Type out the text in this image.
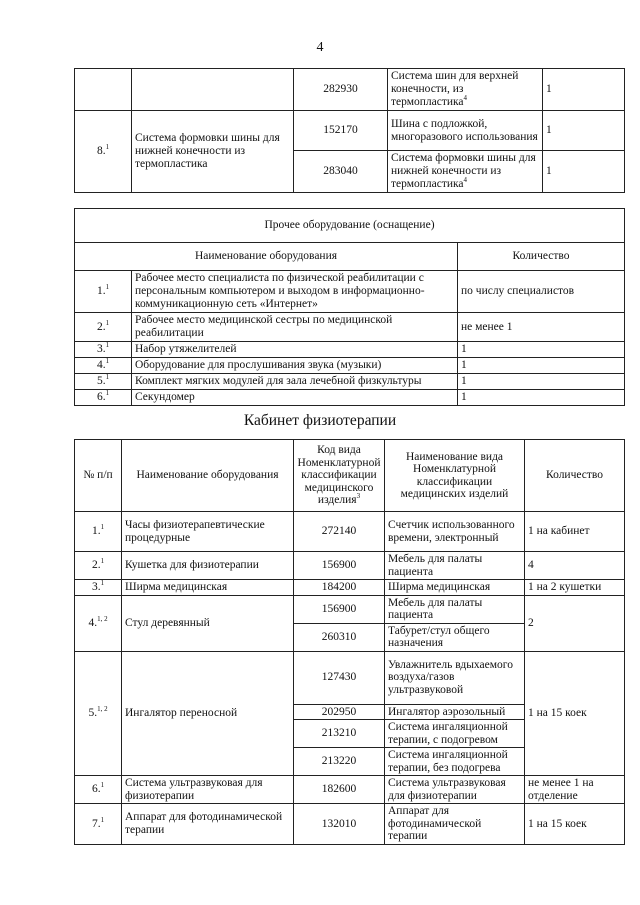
4
		282930	Система шин для верхней конечности, из термопластика$^4$	1
8.$^1$	Система формовки шины для нижней конечности из термопластика	152170	Шина с подложкой, многоразового использования	1
		283040	Система формовки шины для нижней конечности из термопластика$^4$	1
Прочее оборудование (оснащение)		
Наименование оборудования		Количество
1.$^1$	Рабочее место специалиста по физической реабилитации с персональным компьютером и выходом в информационно-коммуникационную сеть «Интернет»	по числу специалистов
2.$^1$	Рабочее место медицинской сестры по медицинской реабилитации	не менее 1
3.$^1$	Набор утяжелителей	1
4.$^1$	Оборудование для прослушивания звука (музыки)	1
5.$^1$	Комплект мягких модулей для зала лечебной физкультуры	1
6.$^1$	Секундомер	1
Кабинет физиотерапии
№ п/п	Наименование оборудования	Код вида Номенклатурной классификации медицинского изделия$^3$	Наименование вида Номенклатурной классификации медицинских изделий	Количество
1.$^1$	Часы физиотерапевтические процедурные	272140	Счетчик использованного времени, электронный	1 на кабинет
2.$^1$	Кушетка для физиотерапии	156900	Мебель для палаты пациента	4
3.$^1$	Ширма медицинская	184200	Ширма медицинская	1 на 2 кушетки
4.$^{1, 2}$	Стул деревянный	156900	Мебель для палаты пациента	2
		260310	Табурет/стул общего назначения	
5.$^{1, 2}$	Ингалятор переносной	127430	Увлажнитель вдыхаемого воздуха/газов ультразвуковой	1 на 15 коек
		202950	Ингалятор аэрозольный	
		213210	Система ингаляционной терапии, с подогревом	
		213220	Система ингаляционной терапии, без подогрева	
6.$^1$	Система ультразвуковая для физиотерапии	182600	Система ультразвуковая для физиотерапии	не менее 1 на отделение
7.$^1$	Аппарат для фотодинамической терапии	132010	Аппарат для фотодинамической терапии	1 на 15 коек
